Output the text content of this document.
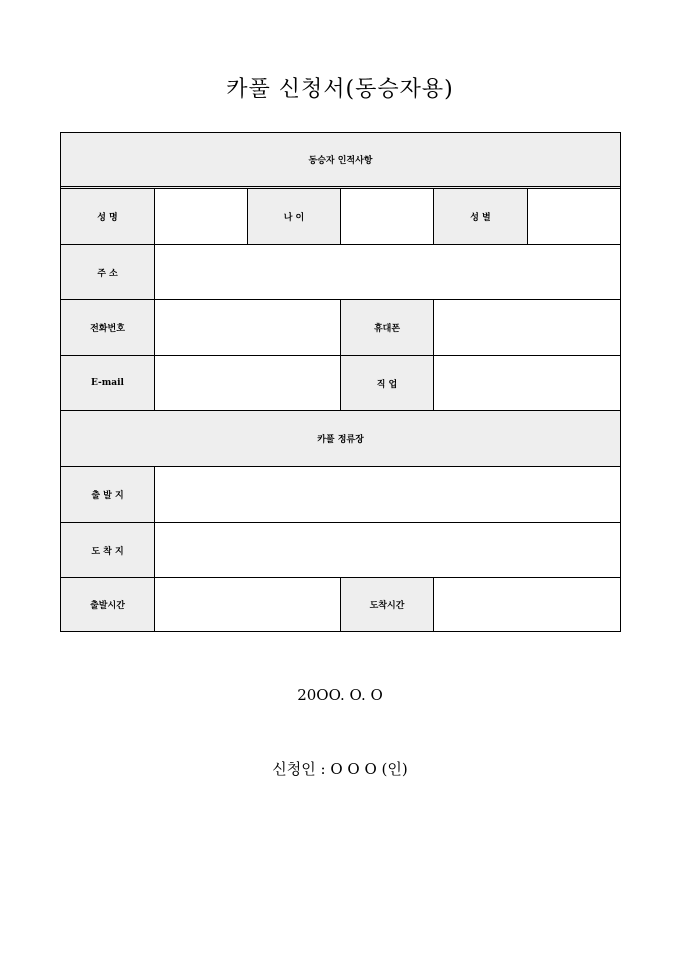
카풀 신청서(동승자용)
동승자 인적사항
성 명	나 이	성 별
주 소
전화번호	휴대폰
E-mail	직 업
카풀 정류장
출 발 지
도 착 지
출발시간	도착시간
20OO. O. O
신청인 : O O O (인)
